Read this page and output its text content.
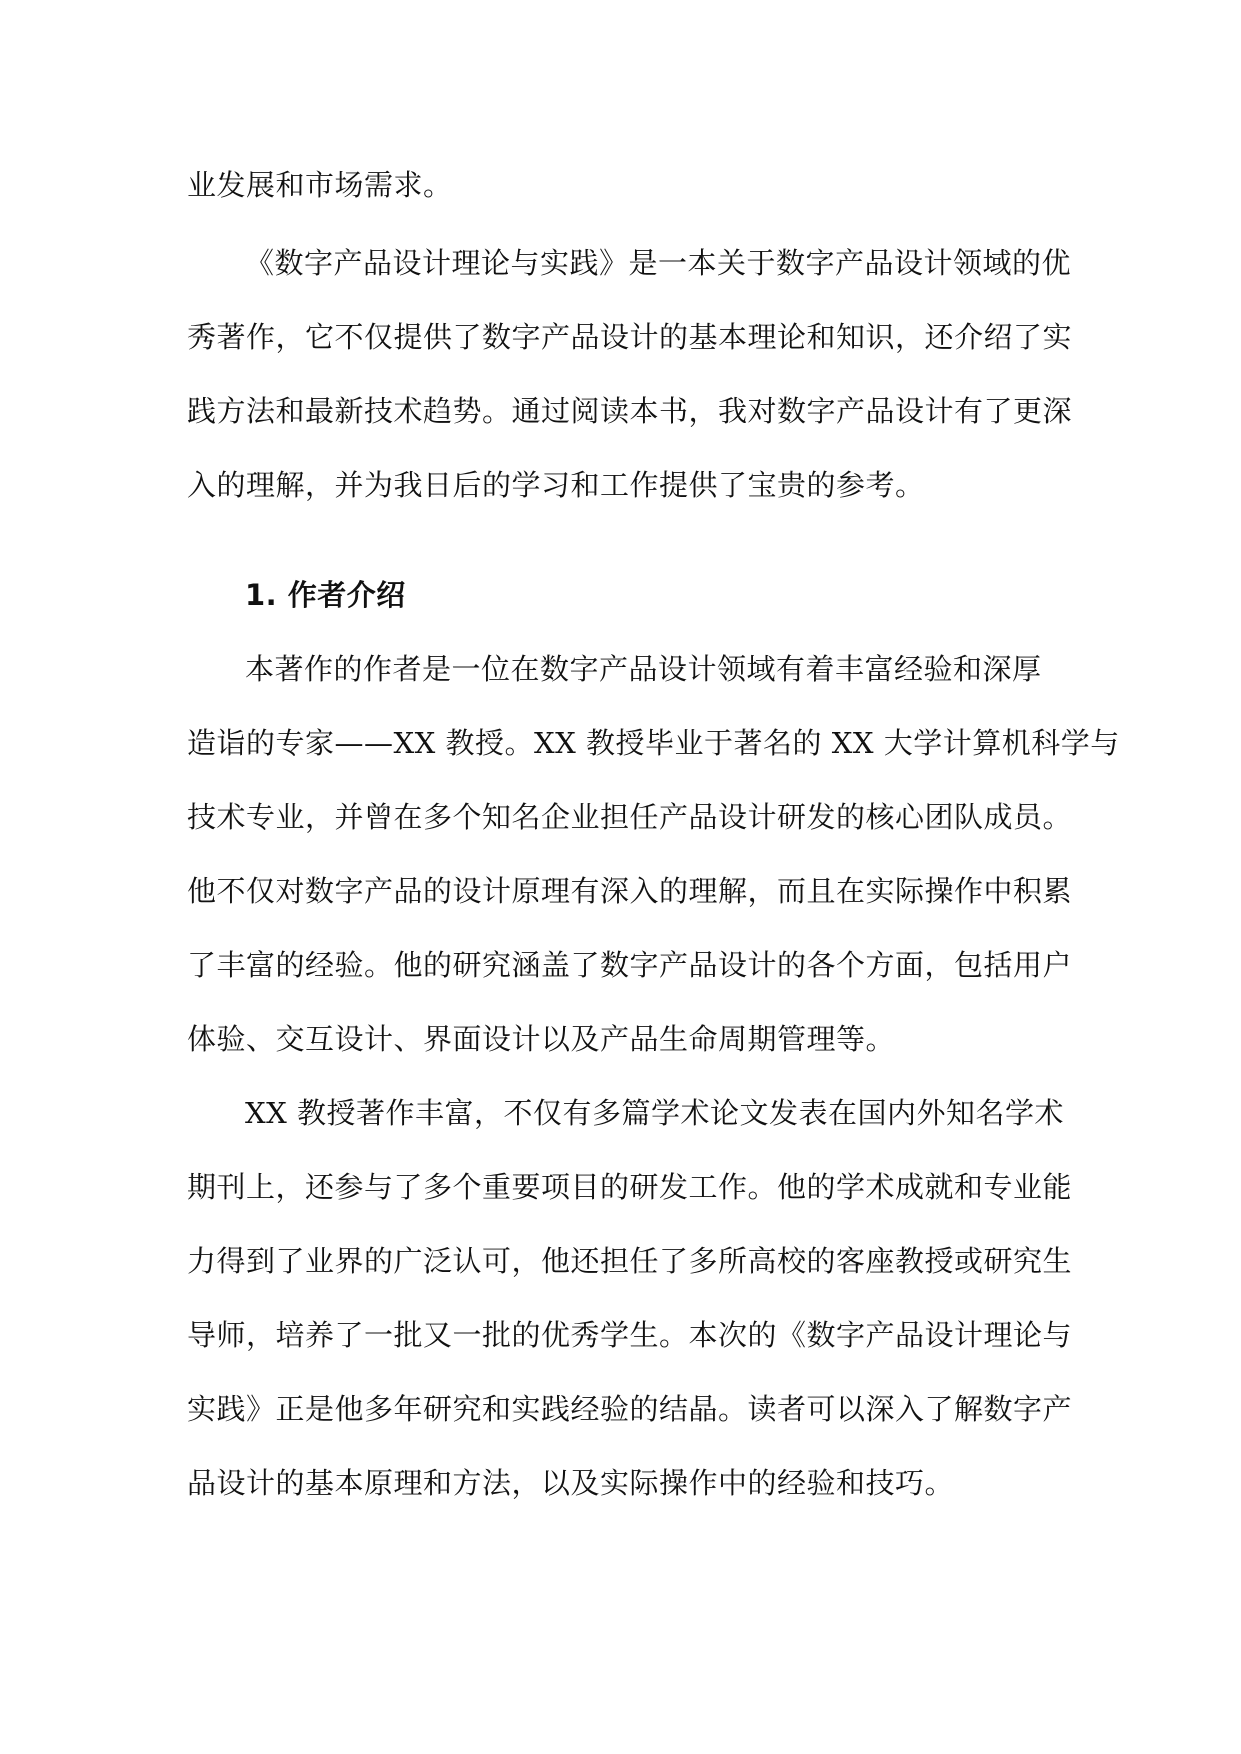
业发展和市场需求。
《数字产品设计理论与实践》是一本关于数字产品设计领域的优
秀著作，它不仅提供了数字产品设计的基本理论和知识，还介绍了实
践方法和最新技术趋势。通过阅读本书，我对数字产品设计有了更深
入的理解，并为我日后的学习和工作提供了宝贵的参考。
1. 作者介绍
本著作的作者是一位在数字产品设计领域有着丰富经验和深厚
造诣的专家——XX 教授。XX 教授毕业于著名的 XX 大学计算机科学与
技术专业，并曾在多个知名企业担任产品设计研发的核心团队成员。
他不仅对数字产品的设计原理有深入的理解，而且在实际操作中积累
了丰富的经验。他的研究涵盖了数字产品设计的各个方面，包括用户
体验、交互设计、界面设计以及产品生命周期管理等。
XX 教授著作丰富，不仅有多篇学术论文发表在国内外知名学术
期刊上，还参与了多个重要项目的研发工作。他的学术成就和专业能
力得到了业界的广泛认可，他还担任了多所高校的客座教授或研究生
导师，培养了一批又一批的优秀学生。本次的《数字产品设计理论与
实践》正是他多年研究和实践经验的结晶。读者可以深入了解数字产
品设计的基本原理和方法，以及实际操作中的经验和技巧。
